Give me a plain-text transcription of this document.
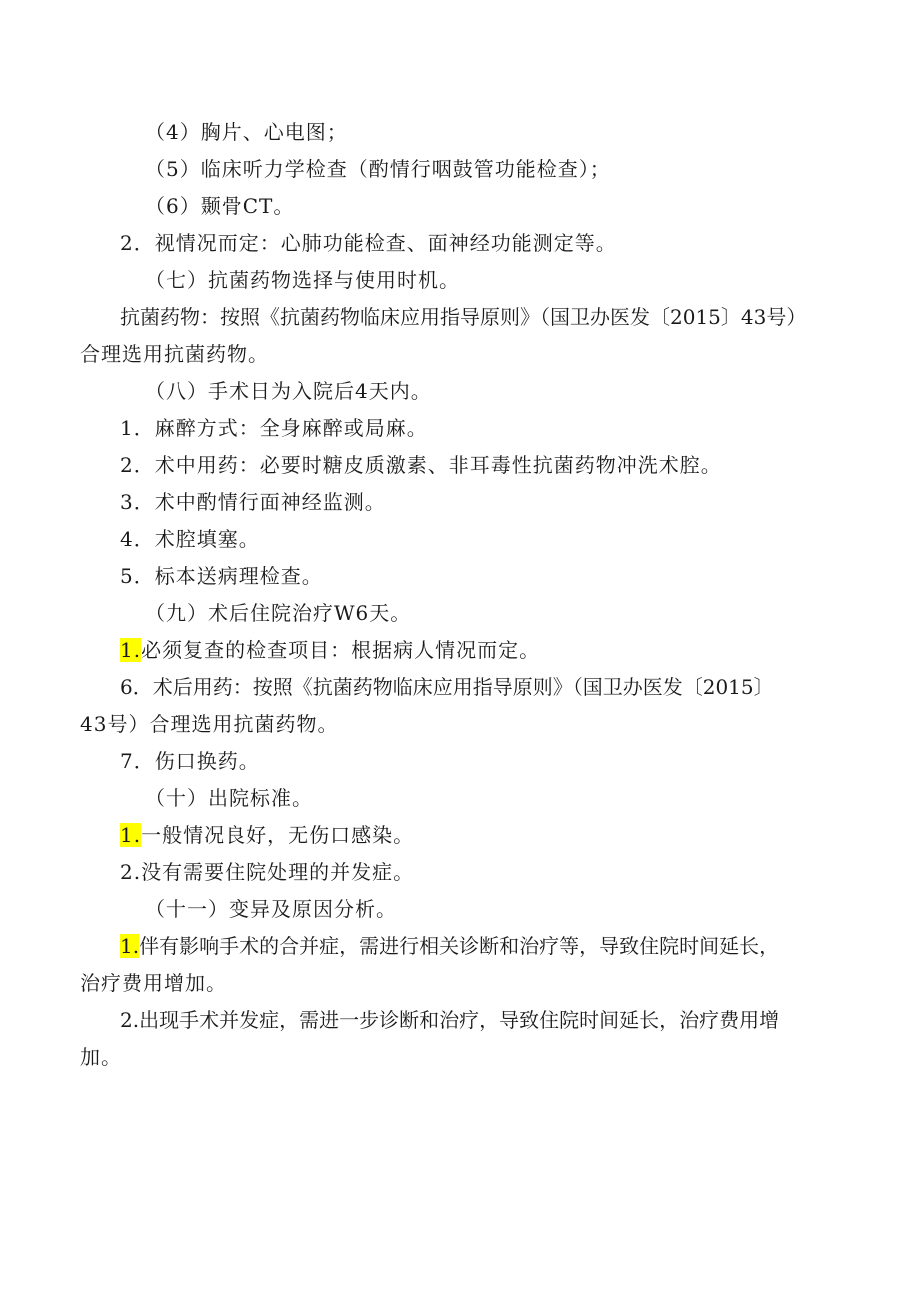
（4）胸片、心电图；
（5）临床听力学检查（酌情行咽鼓管功能检查）；
（6）颞骨CT。
2．视情况而定：心肺功能检查、面神经功能测定等。
（七）抗菌药物选择与使用时机。
抗菌药物：按照《抗菌药物临床应用指导原则》（国卫办医发〔2015〕43号）
合理选用抗菌药物。
（八）手术日为入院后4天内。
1．麻醉方式：全身麻醉或局麻。
2．术中用药：必要时糖皮质激素、非耳毒性抗菌药物冲洗术腔。
3．术中酌情行面神经监测。
4．术腔填塞。
5．标本送病理检查。
（九）术后住院治疗W6天。
1.必须复查的检查项目：根据病人情况而定。
6．术后用药：按照《抗菌药物临床应用指导原则》（国卫办医发〔2015〕
43号）合理选用抗菌药物。
7．伤口换药。
（十）出院标准。
1.一般情况良好，无伤口感染。
2.没有需要住院处理的并发症。
（十一）变异及原因分析。
1.伴有影响手术的合并症，需进行相关诊断和治疗等，导致住院时间延长，
治疗费用增加。
2.出现手术并发症，需进一步诊断和治疗，导致住院时间延长，治疗费用增
加。
